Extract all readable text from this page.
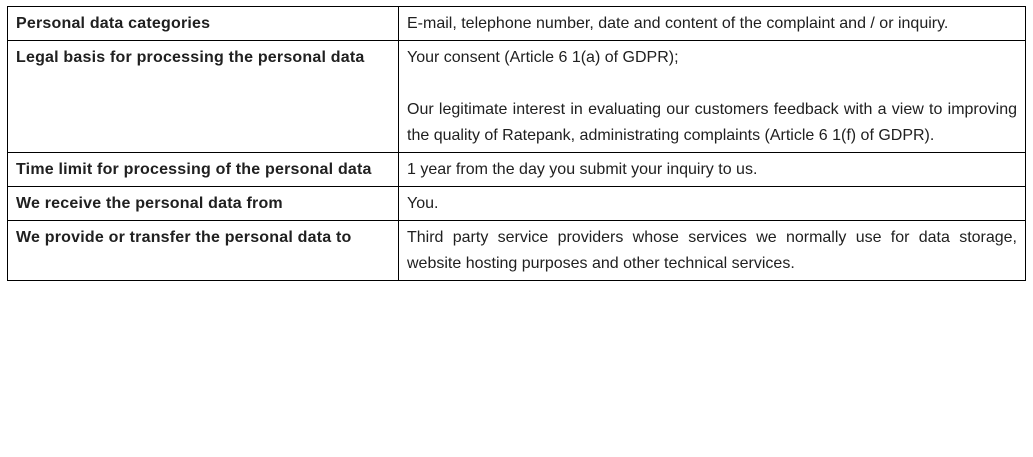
Personal data categories	E-mail, telephone number, date and content of the complaint and / or inquiry.

Legal basis for processing the personal data	Your consent (Article 6 1(a) of GDPR);
Our legitimate interest in evaluating our customers feedback with a view to improving the quality of Ratepank, administrating complaints (Article 6 1(f) of GDPR).

Time limit for processing of the personal data	1 year from the day you submit your inquiry to us.

We receive the personal data from	You.

We provide or transfer the personal data to	Third party service providers whose services we normally use for data storage, website hosting purposes and other technical services.
